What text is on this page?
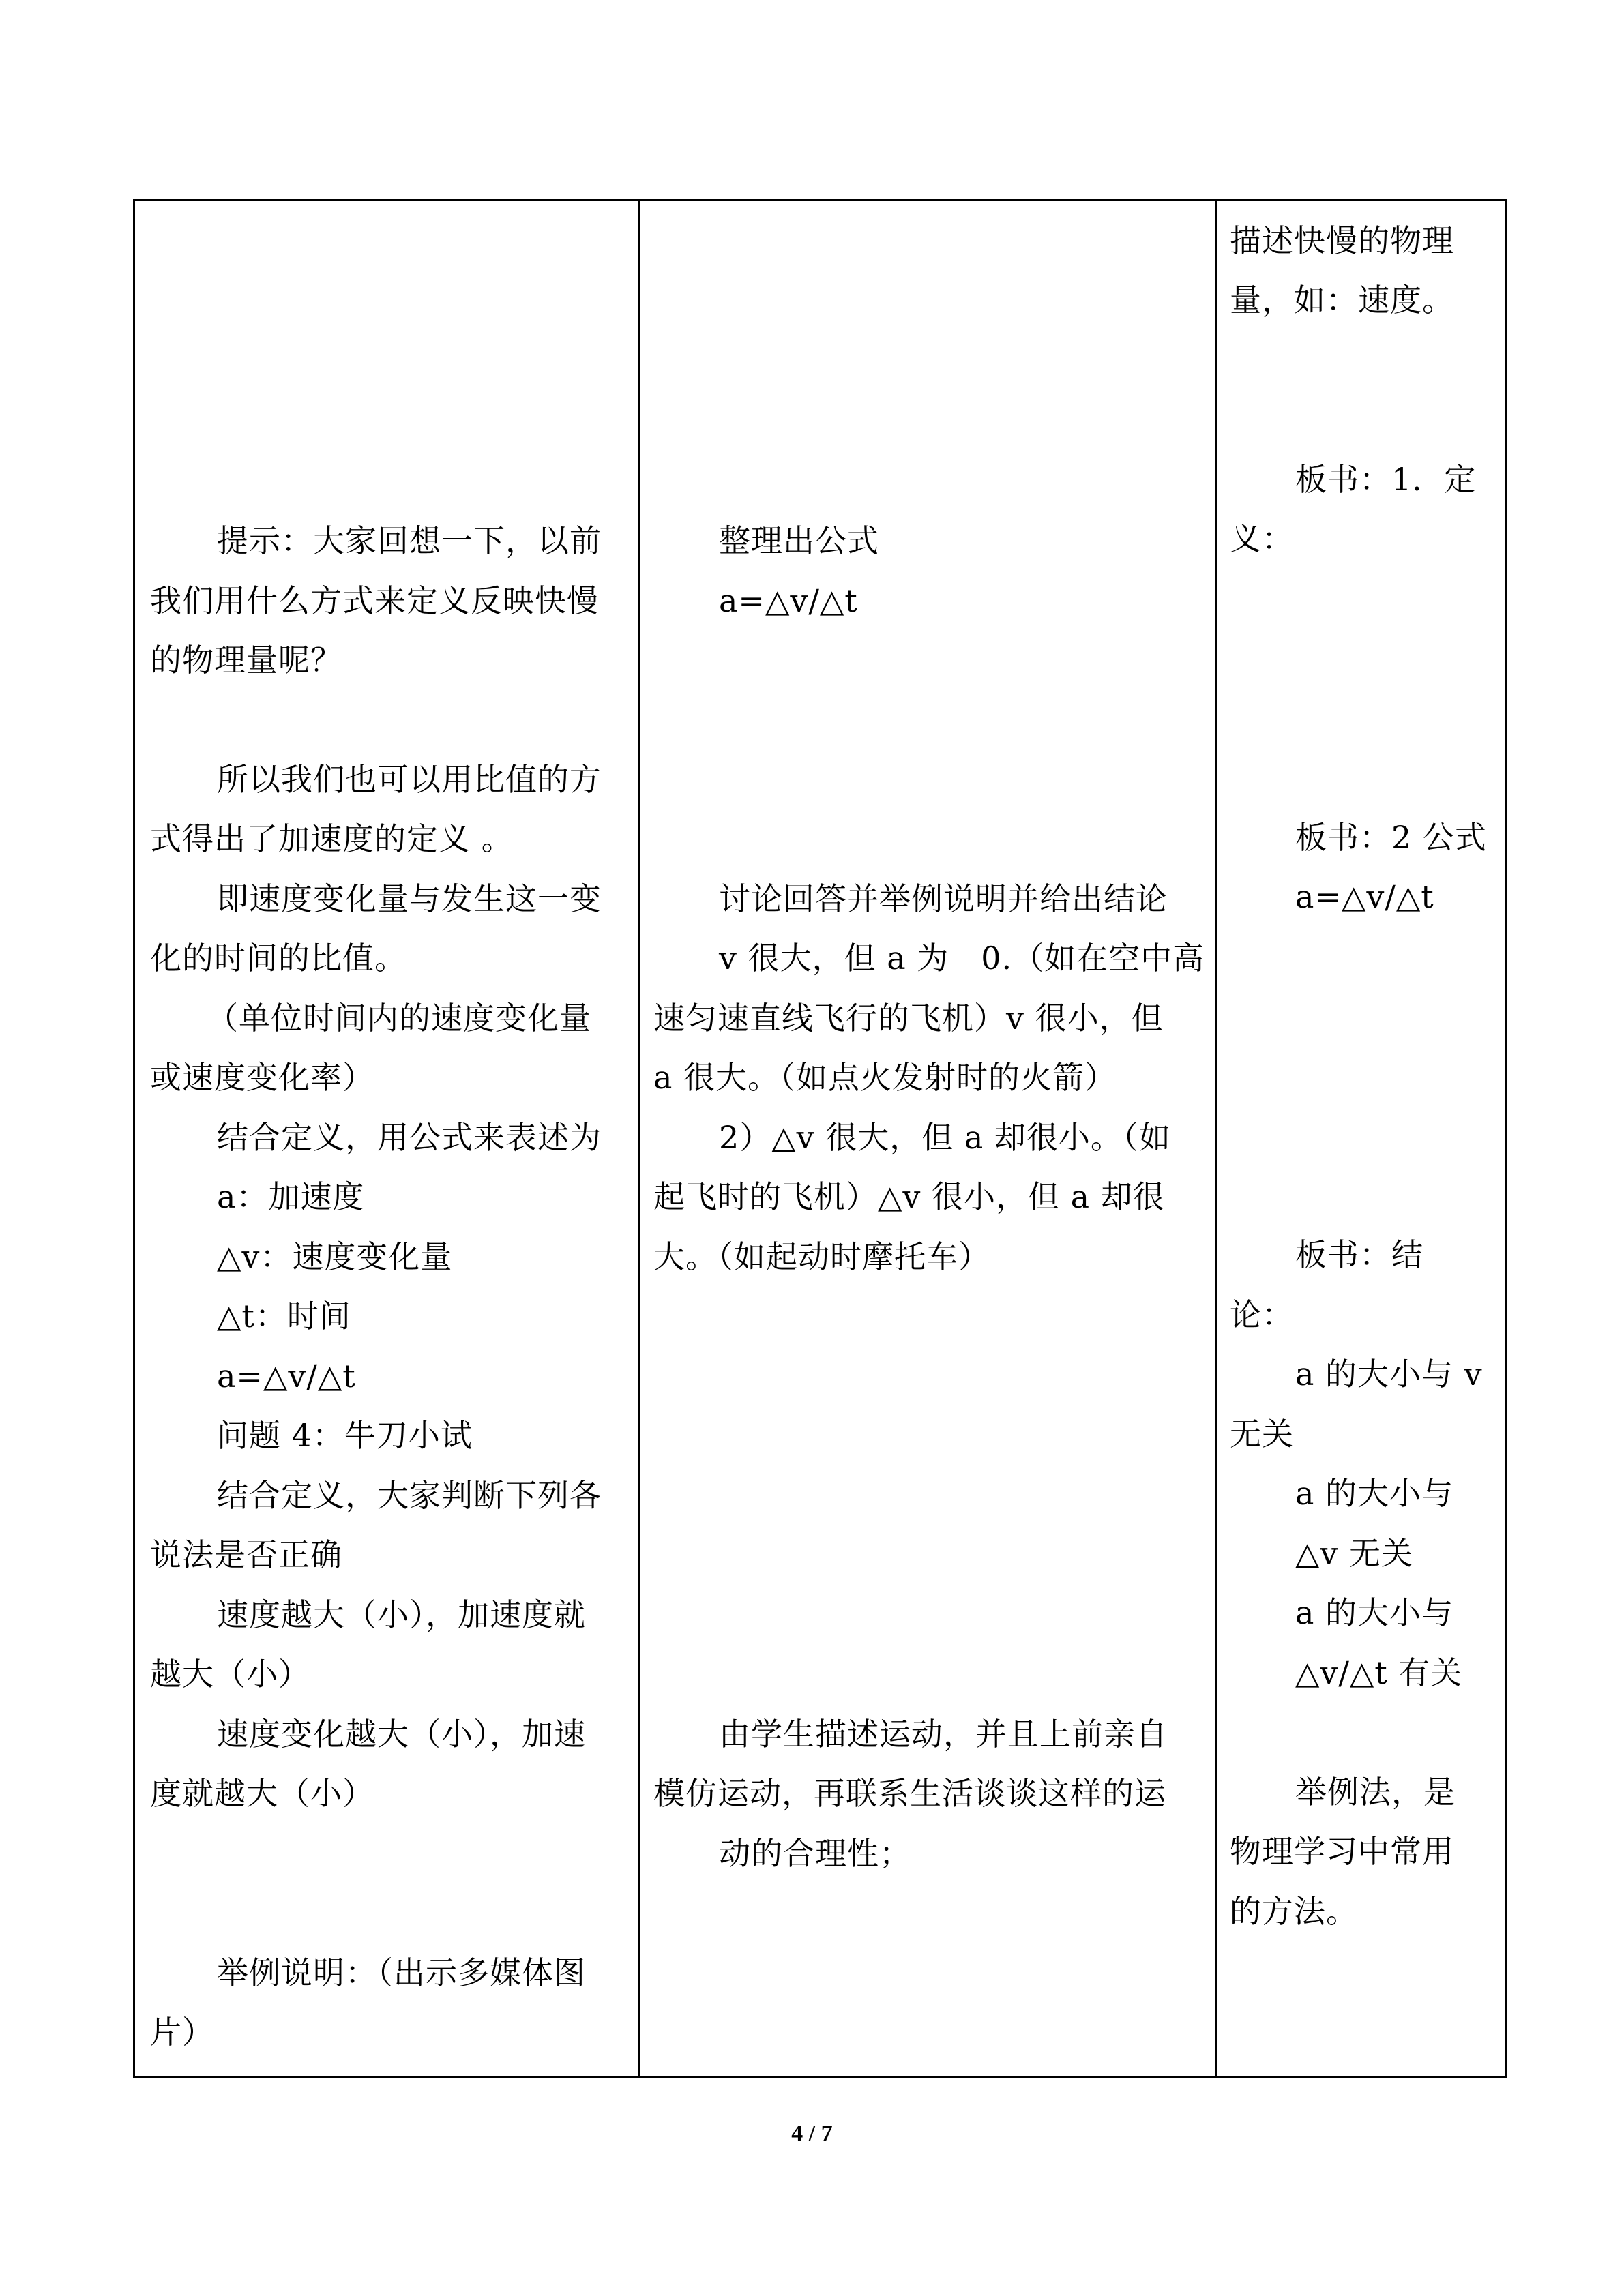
提示：大家回想一下，以前
我们用什么方式来定义反映快慢
的物理量呢？
所以我们也可以用比值的方
式得出了加速度的定义 。
即速度变化量与发生这一变
化的时间的比值。
（单位时间内的速度变化量
或速度变化率）
结合定义，用公式来表述为
a：加速度
△v：速度变化量
△t：时间
a=△v/△t
问题 4：牛刀小试
结合定义，大家判断下列各
说法是否正确
速度越大（小），加速度就
越大（小）
速度变化越大（小），加速
度就越大（小）
举例说明：（出示多媒体图
片）
整理出公式
a=△v/△t
讨论回答并举例说明并给出结论
v 很大，但 a 为　0.（如在空中高
速匀速直线飞行的飞机）v 很小，但
a 很大。（如点火发射时的火箭）
2）△v 很大，但 a 却很小。（如
起飞时的飞机）△v 很小，但 a 却很
大。（如起动时摩托车）
由学生描述运动，并且上前亲自
模仿运动，再联系生活谈谈这样的运
动的合理性；
描述快慢的物理
量，如：速度。
板书：1．定
义：
板书：2 公式
a=△v/△t
板书：结
论：
a 的大小与 v
无关
a 的大小与
△v 无关
a 的大小与
△v/△t 有关
举例法，是
物理学习中常用
的方法。
4 / 7
